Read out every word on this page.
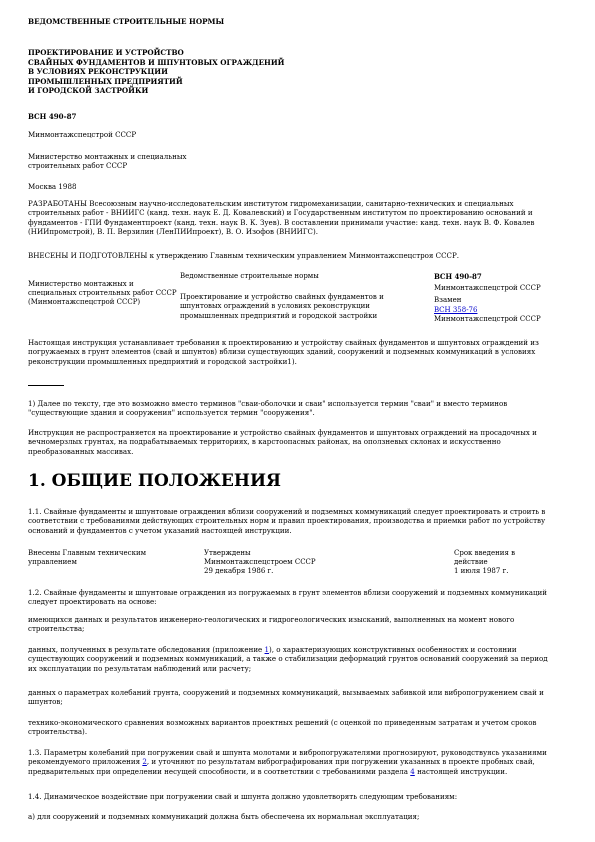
ВЕДОМСТВЕННЫЕ СТРОИТЕЛЬНЫЕ НОРМЫ
ПРОЕКТИРОВАНИЕ И УСТРОЙСТВО
СВАЙНЫХ ФУНДАМЕНТОВ И ШПУНТОВЫХ ОГРАЖДЕНИЙ
В УСЛОВИЯХ РЕКОНСТРУКЦИИ
ПРОМЫШЛЕННЫХ ПРЕДПРИЯТИЙ
И ГОРОДСКОЙ ЗАСТРОЙКИ
ВСН 490-87
Минмонтажспецстрой СССР
Министерство монтажных и специальных
строительных работ СССР
Москва 1988

РАЗРАБОТАНЫ Всесоюзным научно-исследовательским институтом гидромеханизации, санитарно-технических и специальных строительных работ - ВНИИГС (канд. техн. наук Е. Д. Ковалевский) и Государственным институтом по проектированию оснований и фундаментов - ГПИ Фундаментпроект (канд. техн. наук В. К. Зуев). В составлении принимали участие: канд. техн. наук В. Ф. Ковалев (НИИпромстрой), В. П. Верзилин (ЛенПИИпроект), В. О. Изофов (ВНИИГС).

ВНЕСЕНЫ И ПОДГОТОВЛЕНЫ к утверждению Главным техническим управлением Минмонтажспецстроя СССР.

Министерство монтажных и специальных строительных работ СССР (Минмонтажспецстрой СССР)	
Ведомственные строительные нормы
Проектирование и устройство свайных фундаментов и шпунтовых ограждений в условиях реконструкции промышленных предприятий и городской застройки

ВСН 490-87
Минмонтажспецстрой СССР
Взамен
ВСН 358-76
Минмонтажспецстрой СССР

Настоящая инструкция устанавливает требования к проектированию и устройству свайных фундаментов и шпунтовых ограждений из погружаемых в грунт элементов (свай и шпунтов) вблизи существующих зданий, сооружений и подземных коммуникаций в условиях реконструкции промышленных предприятий и городской застройки1).

1) Далее по тексту, где это возможно вместо терминов "сваи-оболочки и сваи" используется термин "сваи" и вместо терминов "существующие здания и сооружения" используется термин "сооружения".

Инструкция не распространяется на проектирование и устройство свайных фундаментов и шпунтовых ограждений на просадочных и вечномерзлых грунтах, на подрабатываемых территориях, в карстоопасных районах, на оползневых склонах и искусственно преобразованных массивах.

1. ОБЩИЕ ПОЛОЖЕНИЯ

1.1. Свайные фундаменты и шпунтовые ограждения вблизи сооружений и подземных коммуникаций следует проектировать и строить в соответствии с требованиями действующих строительных норм и правил проектирования, производства и приемки работ по устройству оснований и фундаментов с учетом указаний настоящей инструкции.

Внесены Главным техническим управлением	
Утверждены
Минмонтажспецстроем СССР
29 декабря 1986 г.

Срок введения в действие
1 июля 1987 г.

1.2. Свайные фундаменты и шпунтовые ограждения из погружаемых в грунт элементов вблизи сооружений и подземных коммуникаций следует проектировать на основе:

имеющихся данных и результатов инженерно-геологических и гидрогеологических изысканий, выполненных на момент нового строительства;

данных, полученных в результате обследования (приложение 1), о характеризующих конструктивных особенностях и состоянии существующих сооружений и подземных коммуникаций, а также о стабилизации деформаций грунтов оснований сооружений за период их эксплуатации по результатам наблюдений или расчету;

данных о параметрах колебаний грунта, сооружений и подземных коммуникаций, вызываемых забивкой или вибропогружением свай и шпунтов;

технико-экономического сравнения возможных вариантов проектных решений (с оценкой по приведенным затратам и учетом сроков строительства).

1.3. Параметры колебаний при погружении свай и шпунта молотами и вибропогружателями прогнозируют, руководствуясь указаниями рекомендуемого приложения 2, и уточняют по результатам вибрографирования при погружении указанных в проекте пробных свай, предварительных при определении несущей способности, и в соответствии с требованиями раздела 4 настоящей инструкции.

1.4. Динамическое воздействие при погружении свай и шпунта должно удовлетворять следующим требованиям:

а) для сооружений и подземных коммуникаций должна быть обеспечена их нормальная эксплуатация;
